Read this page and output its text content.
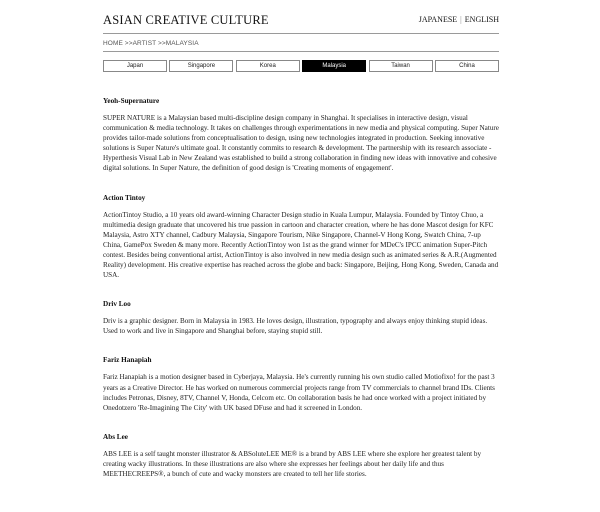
ASIAN CREATIVE CULTURE	JAPANESE | ENGLISH
HOME >>ARTIST >>MALAYSIA
Japan	Singapore	Korea	Malaysia	Taiwan	China
Yeoh-Supernature

SUPER NATURE is a Malaysian based multi-discipline design company in Shanghai. It specialises in interactive design, visual communication & media technology. It takes on challenges through experimentations in new media and physical computing. Super Nature provides tailor-made solutions from conceptualisation to design, using new technologies integrated in production. Seeking innovative solutions is Super Nature's ultimate goal. It constantly commits to research & development. The partnership with its research associate - Hyperthesis Visual Lab in New Zealand was established to build a strong collaboration in finding new ideas with innovative and cohesive digital solutions. In Super Nature, the definition of good design is 'Creating moments of engagement'.

Action Tintoy

ActionTintoy Studio, a 10 years old award-winning Character Design studio in Kuala Lumpur, Malaysia. Founded by Tintoy Chuo, a multimedia design graduate that uncovered his true passion in cartoon and character creation, where he has done Mascot design for KFC Malaysia, Astro XTY channel, Cadbury Malaysia, Singapore Tourism, Nike Singapore, Channel-V Hong Kong, Swatch China, 7-up China, GamePox Sweden & many more. Recently ActionTintoy won 1st as the grand winner for MDeC's IPCC animation Super-Pitch contest. Besides being conventional artist, ActionTintoy is also involved in new media design such as animated series & A.R.(Augmented Reality) development. His creative expertise has reached across the globe and back: Singapore, Beijing, Hong Kong, Sweden, Canada and USA.

Driv Loo

Driv is a graphic designer. Born in Malaysia in 1983. He loves design, illustration, typography and always enjoy thinking stupid ideas. Used to work and live in Singapore and Shanghai before, staying stupid still.

Fariz Hanapiah

Fariz Hanapiah is a motion designer based in Cyberjaya, Malaysia. He's currently running his own studio called Motiofixo! for the past 3 years as a Creative Director. He has worked on numerous commercial projects range from TV commercials to channel brand IDs. Clients includes Petronas, Disney, 8TV, Channel V, Honda, Celcom etc. On collaboration basis he had once worked with a project initiated by Onedotzero 'Re-Imagining The City' with UK based DFuse and had it screened in London.

Abs Lee

ABS LEE is a self taught monster illustrator & ABSoluteLEE ME® is a brand by ABS LEE where she explore her greatest talent by creating wacky illustrations. In these illustrations are also where she expresses her feelings about her daily life and thus MEETHECREEPS®, a bunch of cute and wacky monsters are created to tell her life stories.
